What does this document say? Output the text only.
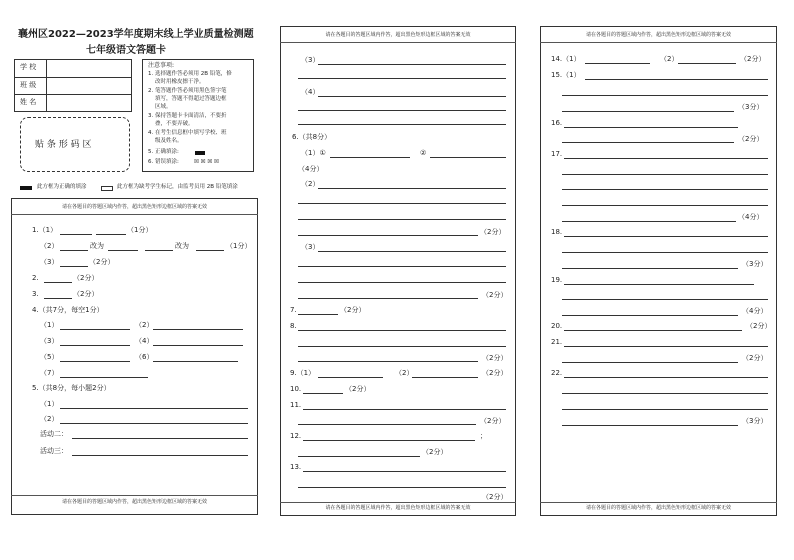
襄州区2022—2023学年度期末线上学业质量检测题
七年级语文答题卡
学 校
班 级
姓 名
贴 条 形 码 区
注意事项:
1. 选择题作答必须用 2B 铅笔，修
改时用橡皮擦干净。
2. 笔答题作答必须用黑色签字笔
填写，答题不得超过答题边框
区域。
3. 保持答题卡卡面清洁，不要折
叠，不要弄破。
4. 在考生信息框中填写学校、班
级及姓名。
5. 正确填涂:
6. 错误填涂:	☒ ☒ ☒ ☒
此方框为正确的填涂	此方框为缺考学生标记，由监考员用 2B 铅笔填涂
请在各题目的答题区域内作答，超出黑色矩形边框区域的答案无效
请在各题目的答题区域内作答，超出黑色矩形边框区域的答案无效
1.（1）	（1分）
（2）	改为	改为	（1分）
（3）	（2分）
2.	（2分）
3.	（2分）
4.（共7分，每空1分）
（1）	（2）
（3）	（4）
（5）	（6）
（7）
5.（共8分，每小题2分）
（1）
（2）
活动二：
活动三：
请在各题目的答题区域内作答，超出黑色矩形边框区域的答案无效
请在各题目的答题区域内作答，超出黑色矩形边框区域的答案无效
（3）
（4）
6.（共8分）
（1）①	②
（4分）
（2）
（2分）
（3）
（2分）
7.	（2分）
8.
（2分）
9.（1）	（2）	（2分）
10.	（2分）
11.
（2分）
12.	；
（2分）
13.
（2分）
请在各题目的答题区域内作答，超出黑色矩形边框区域的答案无效
请在各题目的答题区域内作答，超出黑色矩形边框区域的答案无效
14.（1）	（2）	（2分）
15.（1）
（3分）
16.
（2分）
17.
（4分）
18.
（3分）
19.
（4分）
20.	（2分）
21.
（2分）
22.
（3分）
